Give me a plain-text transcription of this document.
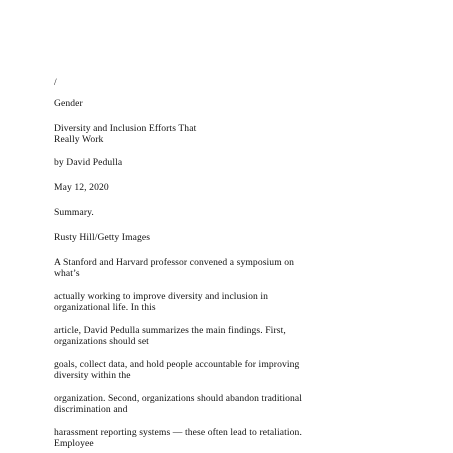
/
Gender
Diversity and Inclusion Efforts That
Really Work
by David Pedulla
May 12, 2020
Summary.
Rusty Hill/Getty Images
A Stanford and Harvard professor convened a symposium on
what’s
actually working to improve diversity and inclusion in
organizational life. In this
article, David Pedulla summarizes the main findings. First,
organizations should set
goals, collect data, and hold people accountable for improving
diversity within the
organization. Second, organizations should abandon traditional
discrimination and
harassment reporting systems — these often lead to retaliation.
Employee
